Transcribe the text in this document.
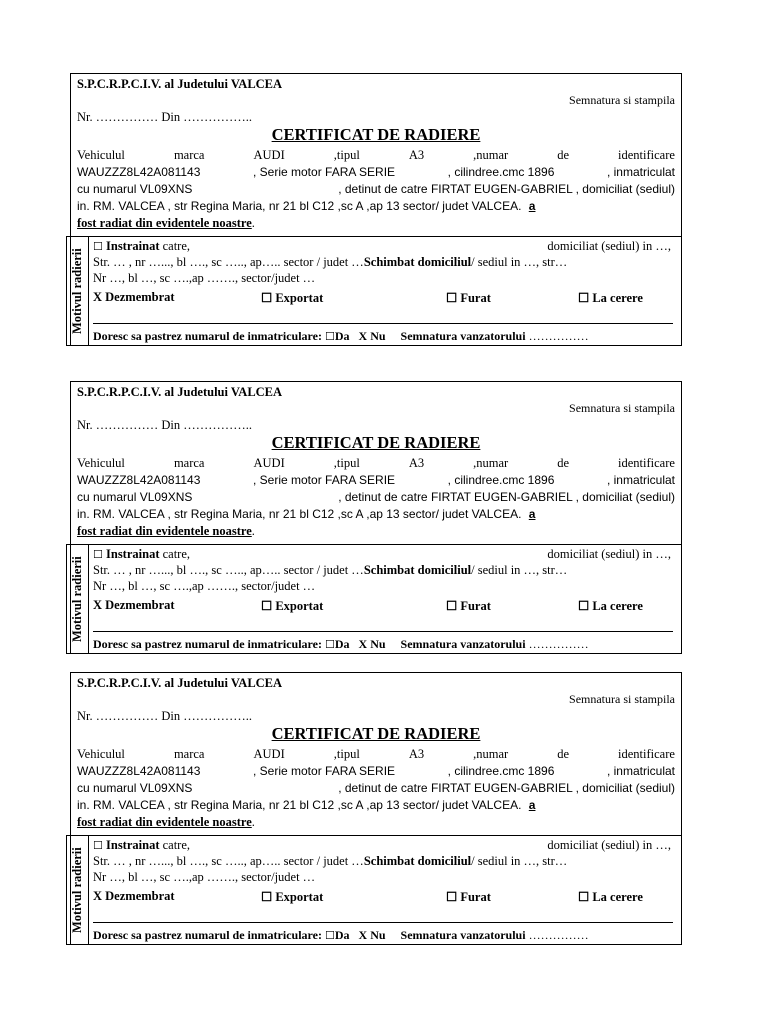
S.P.C.R.P.C.I.V. al Judetului VALCEA
Semnatura si stampila
Nr. …………… Din ……………..
CERTIFICAT DE RADIERE
Vehiculul	marca	AUDI	,tipul	A3	,numar	de	identificare
WAUZZZ8L42A081143	, Serie motor FARA SERIE	, cilindree.cmc 1896	, inmatriculat
cu numarul VL09XNS	, detinut de catre FIRTAT EUGEN-GABRIEL , domiciliat (sediul)
in. RM. VALCEA , str Regina Maria, nr 21 bl C12 ,sc A ,ap 13 sector/ judet VALCEA. a
fost radiat din evidentele noastre.
Motivul radierii
☐ Instrainat catre,	domiciliat (sediul) in …,
Str. … , nr …..., bl …., sc ….., ap….. sector / judet …Schimbat domiciliul/ sediul in …, str…
Nr …, bl …, sc ….,ap ……., sector/judet …
X Dezmembrat	☐ Exportat	☐ Furat	☐ La cerere
Doresc sa pastrez numarul de inmatriculare: ☐Da X Nu Semnatura vanzatorului ……………
S.P.C.R.P.C.I.V. al Judetului VALCEA
Semnatura si stampila
Nr. …………… Din ……………..
CERTIFICAT DE RADIERE
Vehiculul	marca	AUDI	,tipul	A3	,numar	de	identificare
WAUZZZ8L42A081143	, Serie motor FARA SERIE	, cilindree.cmc 1896	, inmatriculat
cu numarul VL09XNS	, detinut de catre FIRTAT EUGEN-GABRIEL , domiciliat (sediul)
in. RM. VALCEA , str Regina Maria, nr 21 bl C12 ,sc A ,ap 13 sector/ judet VALCEA. a
fost radiat din evidentele noastre.
Motivul radierii
☐ Instrainat catre,	domiciliat (sediul) in …,
Str. … , nr …..., bl …., sc ….., ap….. sector / judet …Schimbat domiciliul/ sediul in …, str…
Nr …, bl …, sc ….,ap ……., sector/judet …
X Dezmembrat	☐ Exportat	☐ Furat	☐ La cerere
Doresc sa pastrez numarul de inmatriculare: ☐Da X Nu Semnatura vanzatorului ……………
S.P.C.R.P.C.I.V. al Judetului VALCEA
Semnatura si stampila
Nr. …………… Din ……………..
CERTIFICAT DE RADIERE
Vehiculul	marca	AUDI	,tipul	A3	,numar	de	identificare
WAUZZZ8L42A081143	, Serie motor FARA SERIE	, cilindree.cmc 1896	, inmatriculat
cu numarul VL09XNS	, detinut de catre FIRTAT EUGEN-GABRIEL , domiciliat (sediul)
in. RM. VALCEA , str Regina Maria, nr 21 bl C12 ,sc A ,ap 13 sector/ judet VALCEA. a
fost radiat din evidentele noastre.
Motivul radierii
☐ Instrainat catre,	domiciliat (sediul) in …,
Str. … , nr …..., bl …., sc ….., ap….. sector / judet …Schimbat domiciliul/ sediul in …, str…
Nr …, bl …, sc ….,ap ……., sector/judet …
X Dezmembrat	☐ Exportat	☐ Furat	☐ La cerere
Doresc sa pastrez numarul de inmatriculare: ☐Da X Nu Semnatura vanzatorului ……………
